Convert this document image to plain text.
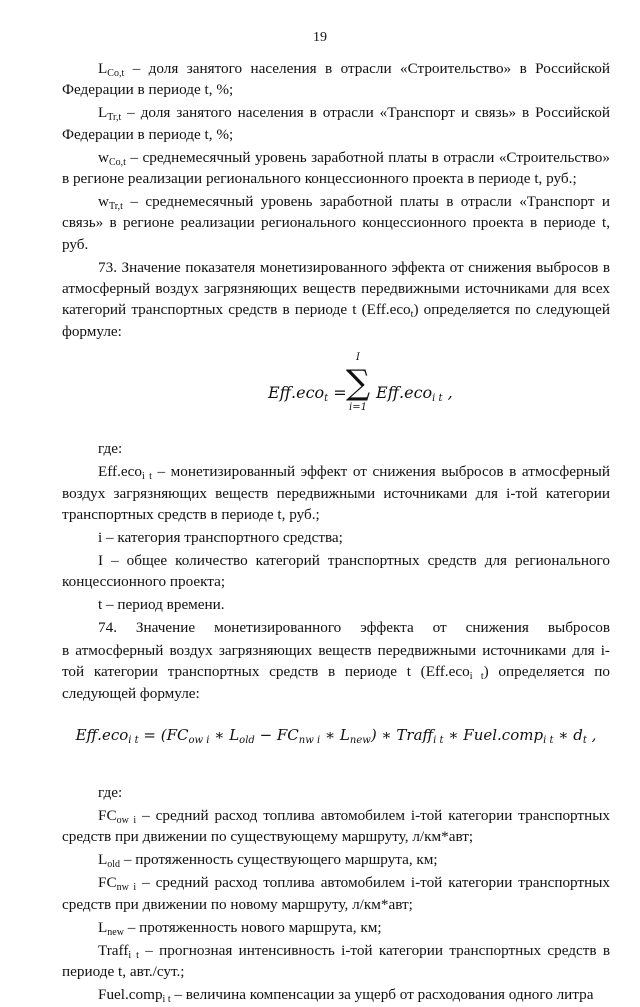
19

$L_{Co,t}$ – доля занятого населения в отрасли «Строительство» в Российской Федерации в периоде t, %;

$L_{Tr,t}$ – доля занятого населения в отрасли «Транспорт и связь» в Российской Федерации в периоде t, %;

$w_{Co,t}$ – среднемесячный уровень заработной платы в отрасли «Строительство» в регионе реализации регионального концессионного проекта в периоде t, руб.;

$w_{Tr,t}$ – среднемесячный уровень заработной платы в отрасли «Транспорт и связь» в регионе реализации регионального концессионного проекта в периоде t, руб.

73. Значение показателя монетизированного эффекта от снижения выбросов в атмосферный воздух загрязняющих веществ передвижными источниками для всех категорий транспортных средств в периоде t (Eff.eco$_t$) определяется по следующей формуле:

Eff.eco$_t$ =
I
∑
i=1
Eff.eco$_{i t}$ ,

где:

Eff.eco$_{i t}$ – монетизированный эффект от снижения выбросов в атмосферный воздух загрязняющих веществ передвижными источниками для i-той категории транспортных средств в периоде t, руб.;

i – категория транспортного средства;

I – общее количество категорий транспортных средств для регионального концессионного проекта;

t – период времени.

74. Значение монетизированного эффекта от снижения выбросов

в атмосферный воздух загрязняющих веществ передвижными источниками для i-той категории транспортных средств в периоде t (Eff.eco$_{i t}$) определяется по следующей формуле:

$Eff.eco_{i t} = (FC_{ow i}$ ∗ $L_{old} - FC_{nw i}$ ∗ $L_{new}$) ∗ Traff$_{i t}$ ∗ Fuel.comp$_{i t}$ ∗ $d_t$ ,

где:

$FC_{ow i}$ – средний расход топлива автомобилем i-той категории транспортных средств при движении по существующему маршруту, л/км*авт;

$L_{old}$ – протяженность существующего маршрута, км;

$FC_{nw i}$ – средний расход топлива автомобилем i-той категории транспортных средств при движении по новому маршруту, л/км*авт;

$L_{new}$ – протяженность нового маршрута, км;

Traff$_{i t}$ – прогнозная интенсивность i-той категории транспортных средств в периоде t, авт./сут.;

Fuel.comp$_{i t}$ – величина компенсации за ущерб от расходования одного литра
